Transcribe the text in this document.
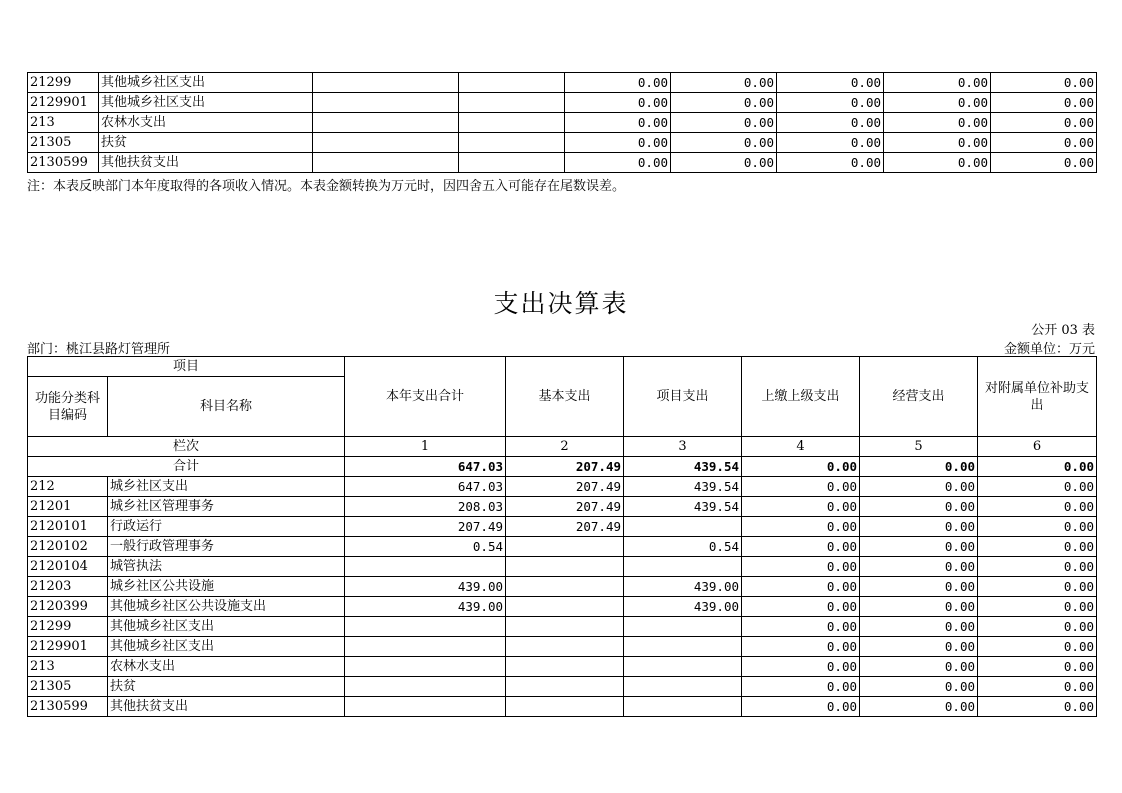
21299	其他城乡社区支出			0.00	0.00	0.00	0.00	0.00
2129901	其他城乡社区支出			0.00	0.00	0.00	0.00	0.00
213	农林水支出			0.00	0.00	0.00	0.00	0.00
21305	扶贫			0.00	0.00	0.00	0.00	0.00
2130599	其他扶贫支出			0.00	0.00	0.00	0.00	0.00
注：本表反映部门本年度取得的各项收入情况。本表金额转换为万元时，因四舍五入可能存在尾数误差。
支出决算表
公开 03 表
部门：桃江县路灯管理所	金额单位：万元
项目		本年支出合计	基本支出	项目支出	上缴上级支出	经营支出	对附属单位补助支出
功能分类科目编码	科目名称						
栏次		1	2	3	4	5	6
合计		647.03	207.49	439.54	0.00	0.00	0.00
212	城乡社区支出	647.03	207.49	439.54	0.00	0.00	0.00
21201	城乡社区管理事务	208.03	207.49	439.54	0.00	0.00	0.00
2120101	行政运行	207.49	207.49		0.00	0.00	0.00
2120102	一般行政管理事务	0.54		0.54	0.00	0.00	0.00
2120104	城管执法				0.00	0.00	0.00
21203	城乡社区公共设施	439.00		439.00	0.00	0.00	0.00
2120399	其他城乡社区公共设施支出	439.00		439.00	0.00	0.00	0.00
21299	其他城乡社区支出				0.00	0.00	0.00
2129901	其他城乡社区支出				0.00	0.00	0.00
213	农林水支出				0.00	0.00	0.00
21305	扶贫				0.00	0.00	0.00
2130599	其他扶贫支出				0.00	0.00	0.00
